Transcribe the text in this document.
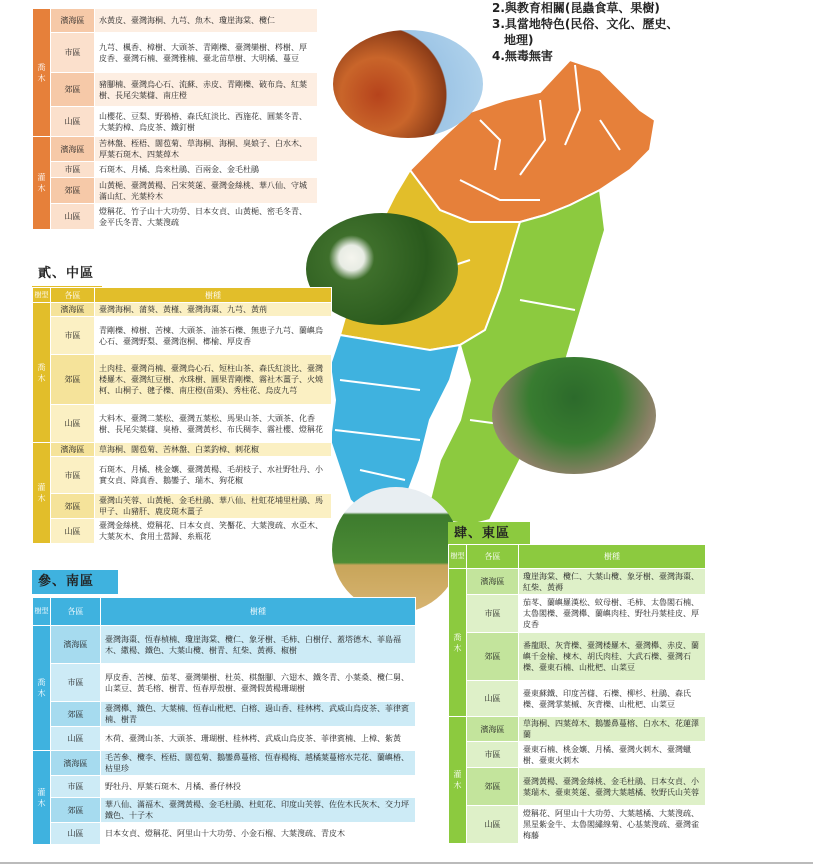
2.與教育相關(昆蟲食草、果樹)
3.具當地特色(民俗、文化、歷史、
地理)
4.無毒無害
喬
木	濱海區	水黃皮、臺灣海桐、九芎、魚木、瓊崖海棠、欖仁
	市區	九芎、楓香、樟樹、大頭茶、青剛櫟、臺灣欒樹、梣樹、厚皮香、臺灣石楠、臺灣雅楠、臺北苗草樹、大明橘、蔓豆
	郊區	豬腳楠、臺灣烏心石、流蘇、赤皮、青剛櫟、破布烏、紅葉樹、長尾尖葉櫧、南庄橙
	山區	山櫻花、豆梨、野鴉椿、森氏紅淡比、西施花、圓葉冬青、大葉釣樟、烏皮茶、鐵釘樹

灌
木	濱海區	苦林盤、桎梧、闊苞菊、草海桐、海桐、臭娘子、白水木、厚葉石斑木、四葉蔊木
	市區	石斑木、月橘、烏來杜鵑、百兩金、金毛杜鵑
	郊區	山黃梔、臺灣黃楊、呂宋莢蒾、臺灣金絲桃、華八仙、守城滿山紅、光葉柃木
	山區	燈稱花、竹子山十大功勞、日本女貞、山黃梔、密毛冬青、金平氏冬青、大葉溲疏
貳、中區
樹型	各區	樹種

喬
木	濱海區	臺灣海桐、蒲葵、黃槿、臺灣海棗、九芎、黃荊
	市區	青剛櫟、樟樹、苦楝、大頭茶、油茶石櫟、無患子九芎、蘭嶼烏心石、臺灣野梨、臺灣泡桐、榔榆、厚皮香
	郊區	土肉桂、臺灣肖楠、臺灣烏心石、短柱山茶、森氏紅淡比、臺灣楼羅木、臺灣紅豆樹、水珠樹、圓果青剛櫟、霧社木薑子、火燒柯、山桐子、毽子櫟、南庄橙(苗栗)、秀柱花、烏皮九芎
	山區	大料木、臺灣二葉松、臺灣五葉松、馬果山茶、大頭茶、化香樹、長尾尖葉櫧、臭椿、臺灣黃杉、布氏稠李、霧社櫻、燈稱花

灌
木	濱海區	草海桐、闊苞菊、苦林盤、白菜釣樟、刺花椒
	市區	石斑木、月橘、桃金孃、臺灣黃楊、毛胡枝子、水社野牡丹、小實女貞、降真香、鵝鑾子、瑞木、狗花椒
	郊區	臺灣山芙蓉、山黃梔、金毛杜鵑、華八仙、杜虹花埔里杜鵑、馬甲子、山豬肝、鹿皮斑木薑子
	山區	臺灣金絲桃、燈稱花、日本女貞、笑靨花、大葉溲疏、水亞木、大葉灰木、食用土當歸、糸瓶花
參、南區
樹型	各區	樹種

喬
木	濱海區	臺灣海棗、恆春楨楠、瓊崖海棠、欖仁、象牙樹、毛柿、白樹仔、蓋塔德木、菲島福木、繖楊、鐵色、大葉山欖、樹青、紅柴、黃褥、椒樹
	市區	厚皮香、苦楝、茄苳、臺灣欒樹、杜英、棋盤腳、六翅木、鐵冬青、小葉桑、欖仁舅、山菜豆、黃毛榕、樹青、恆春厚殼樹、臺灣假黃楊珊瑚樹
	郊區	臺灣櫸、鐵色、大葉楠、恆春山枇杷、白榕、過山香、桂林栲、武威山烏皮茶、菲律賓楠、樹青
	山區	木荷、臺灣山茶、大頭茶、珊瑚樹、桂林栲、武威山烏皮茶、菲律賓楠、上樟、紫黃

灌
木	濱海區	毛苦參、欖李、桎梧、闊苞菊、鵝鑾鼻蔓榕、恆春楊梅、越橘葉蔓榕水芫花、蘭嶼椿、枯里珍
	市區	野牡丹、厚葉石斑木、月橘、番仔林投
	郊區	華八仙、滿福木、臺灣黃楊、金毛杜鵑、杜虹花、印度山芙蓉、佐佐木氏灰木、交力坪鐵色、十子木
	山區	日本女貞、燈稱花、阿里山十大功勞、小金石榴、大葉溲疏、青皮木
肆、東區
樹型	各區	樹種

喬
木	濱海區	瓊崖海棠、欖仁、大葉山欖、象牙樹、臺灣海棗、紅柴、黃褥
	市區	茄苳、蘭嶼羅漢松、蚊母樹、毛柿、太魯閣石楠、太魯閣櫟、臺灣櫸、蘭嶼肉桂、野牡丹葉桂皮、厚皮香
	郊區	番龍眼、灰背櫟、臺灣楼羅木、臺灣櫸、赤皮、蘭嶼千金榆、楝木、胡氏肉桂、大武石櫟、臺灣石櫟、臺東石楠、山枇杷、山菜豆
	山區	臺東蘇鐵、印度苦櫧、石櫟、柳杉、杜鵑、森氏櫟、臺灣掌葉槭、灰背櫟、山枇杷、山菜豆

灌
木	濱海區	草海桐、四葉蔊木、鵝鑾鼻蔓榕、白水木、花蓮澤蘭
	市區	臺東石楠、桃金孃、月橘、臺灣火刺木、臺灣蠟樹、臺東火刺木
	郊區	臺灣黃楊、臺灣金絲桃、金毛杜鵑、日本女貞、小葉瑞木、臺東莢蒾、臺灣大葉越橘、牧野氏山芙蓉
	山區	燈稱花、阿里山十大功勞、大葉越橘、大葉溲疏、黑星紫金牛、太魯閣繡線菊、心基葉溲疏、臺灣雀梅藤
